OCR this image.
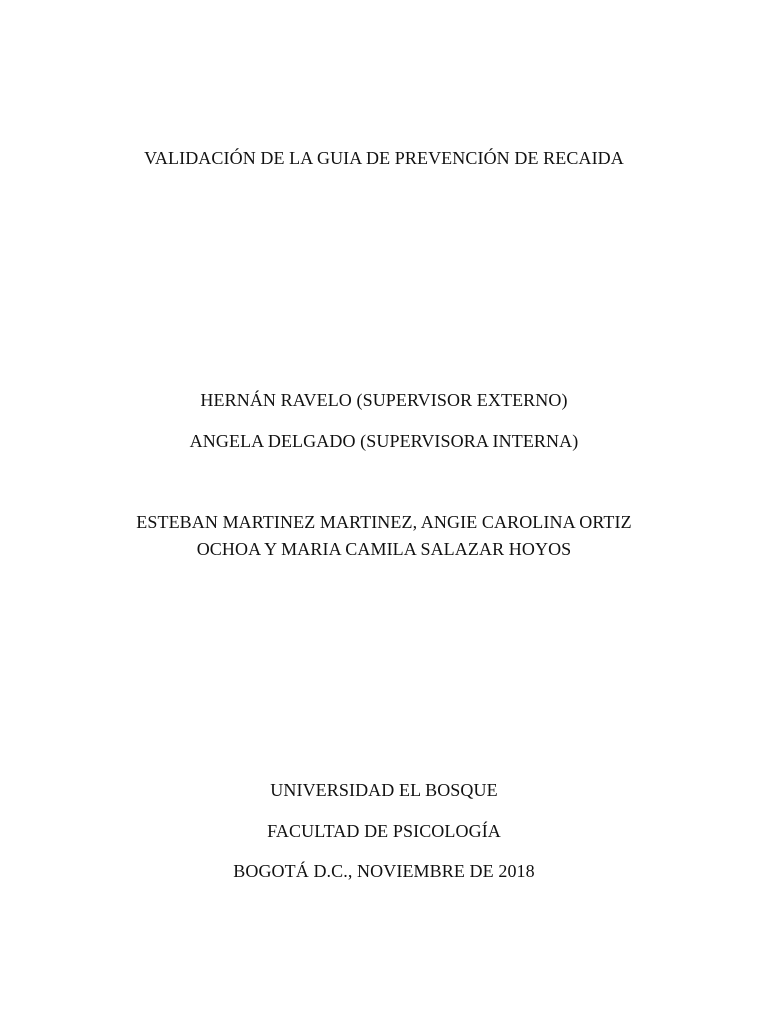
VALIDACIÓN DE LA GUIA DE PREVENCIÓN DE RECAIDA
HERNÁN RAVELO (SUPERVISOR EXTERNO)
ANGELA DELGADO (SUPERVISORA INTERNA)
ESTEBAN MARTINEZ MARTINEZ, ANGIE CAROLINA ORTIZ
OCHOA Y MARIA CAMILA SALAZAR HOYOS
UNIVERSIDAD EL BOSQUE
FACULTAD DE PSICOLOGÍA
BOGOTÁ D.C., NOVIEMBRE DE 2018
